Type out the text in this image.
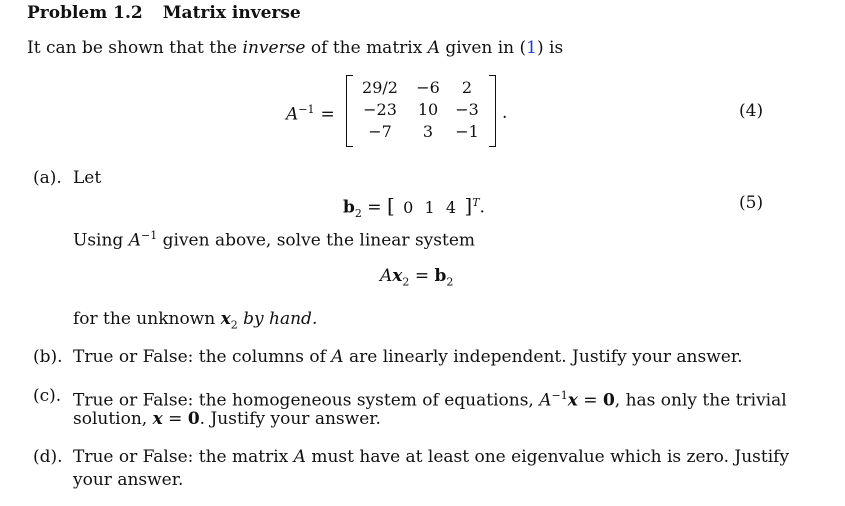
Problem 1.2 Matrix inverse
It can be shown that the inverse of the matrix A given in (1) is
$A^{-1}$ =
29/2	−6	2
−23	10	−3
−7	3	−1
.	(4)
(a). Let
$b_2$ = [ 0 1 4 ]$^T$.	(5)
Using $A^{-1}$ given above, solve the linear system
$Ax_2 = b_2$
for the unknown $x_2$ by hand.
(b). True or False: the columns of A are linearly independent. Justify your answer.
(c). True or False: the homogeneous system of equations, $A^{-1}x = 0$, has only the trivial
solution, x = 0. Justify your answer.
(d). True or False: the matrix A must have at least one eigenvalue which is zero. Justify
your answer.
